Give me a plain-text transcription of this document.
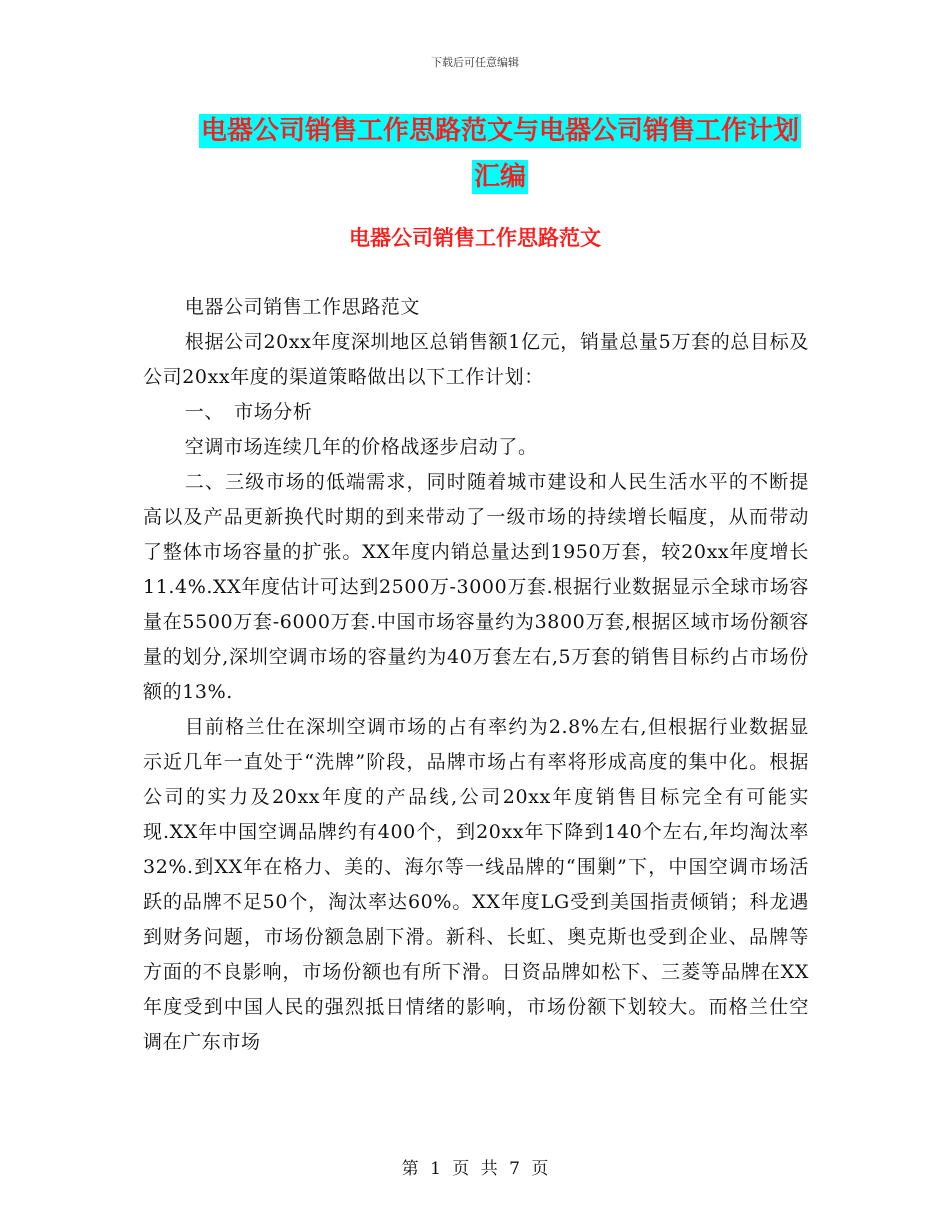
下载后可任意编辑
电器公司销售工作思路范文与电器公司销售工作计划
汇编
电器公司销售工作思路范文

电器公司销售工作思路范文

根据公司20xx年度深圳地区总销售额1亿元，销量总量5万套的总目标及公司20xx年度的渠道策略做出以下工作计划：

一、　市场分析

空调市场连续几年的价格战逐步启动了。

二、三级市场的低端需求，同时随着城市建设和人民生活水平的不断提高以及产品更新换代时期的到来带动了一级市场的持续增长幅度，从而带动了整体市场容量的扩张。XX年度内销总量达到1950万套，较20xx年度增长11.4%.XX年度估计可达到2500万-3000万套.根据行业数据显示全球市场容量在5500万套-6000万套.中国市场容量约为3800万套,根据区域市场份额容量的划分,深圳空调市场的容量约为40万套左右,5万套的销售目标约占市场份额的13%.

目前格兰仕在深圳空调市场的占有率约为2.8%左右,但根据行业数据显示近几年一直处于“洗牌”阶段，品牌市场占有率将形成高度的集中化。根据公司的实力及20xx年度的产品线,公司20xx年度销售目标完全有可能实现.XX年中国空调品牌约有400个，到20xx年下降到140个左右,年均淘汰率32%.到XX年在格力、美的、海尔等一线品牌的“围剿”下，中国空调市场活跃的品牌不足50个，淘汰率达60%。XX年度LG受到美国指责倾销；科龙遇到财务问题，市场份额急剧下滑。新科、长虹、奥克斯也受到企业、品牌等方面的不良影响，市场份额也有所下滑。日资品牌如松下、三菱等品牌在XX年度受到中国人民的强烈抵日情绪的影响，市场份额下划较大。而格兰仕空调在广东市场

第 1 页 共 7 页
